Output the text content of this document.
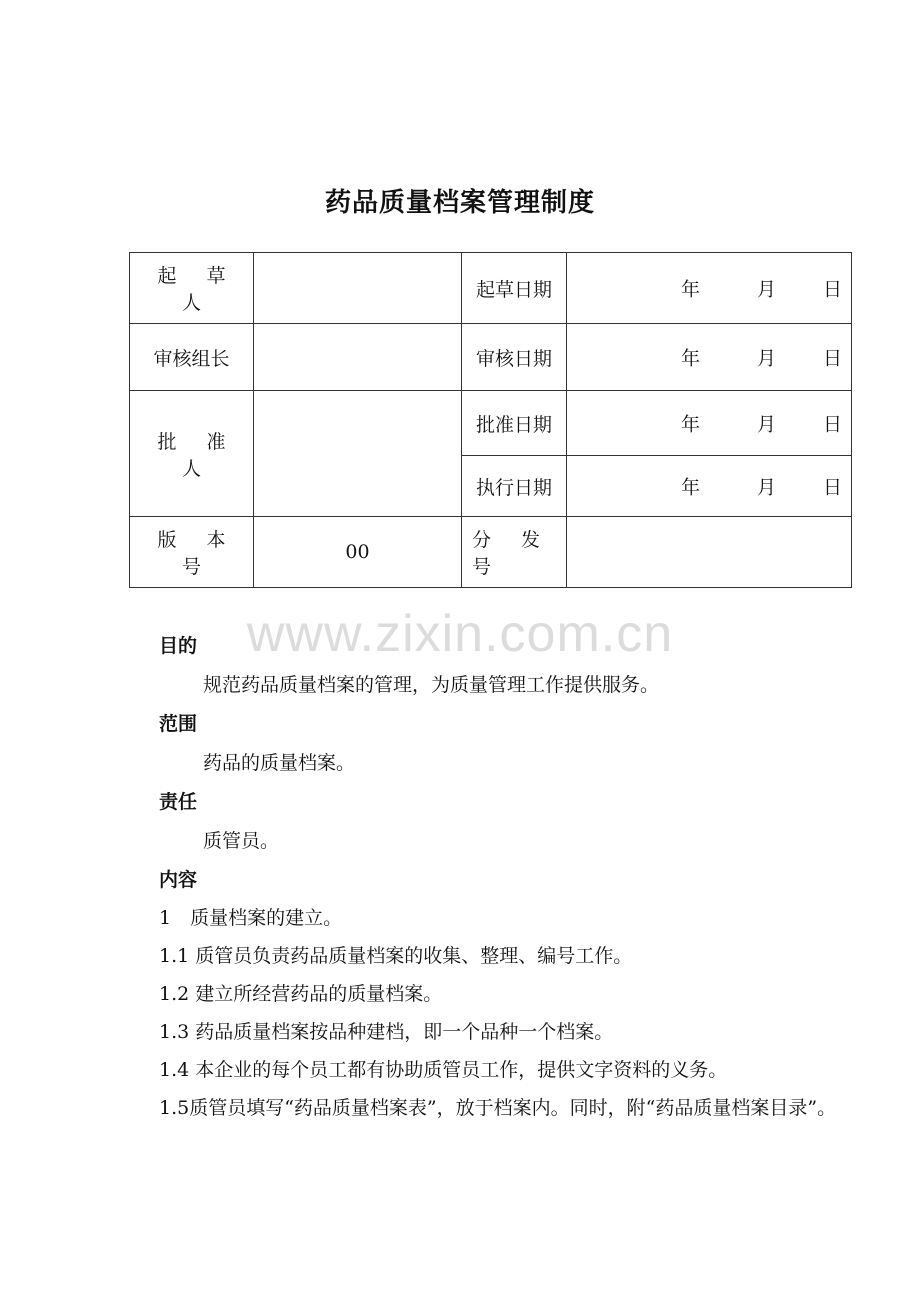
药品质量档案管理制度
起 草 人		起草日期	年 月 日

审核组长		审核日期	年 月 日

批 准 人		批准日期	年 月 日

		执行日期	年 月 日

版 本 号	00	分 发 号	
www.zixin.com.cn
目的
规范药品质量档案的管理，为质量管理工作提供服务。
范围
药品的质量档案。
责任
质管员。
内容
1　质量档案的建立。
1.1 质管员负责药品质量档案的收集、整理、编号工作。
1.2 建立所经营药品的质量档案。
1.3 药品质量档案按品种建档，即一个品种一个档案。
1.4 本企业的每个员工都有协助质管员工作，提供文字资料的义务。
1.5质管员填写“药品质量档案表”，放于档案内。同时，附“药品质量档案目录”。
